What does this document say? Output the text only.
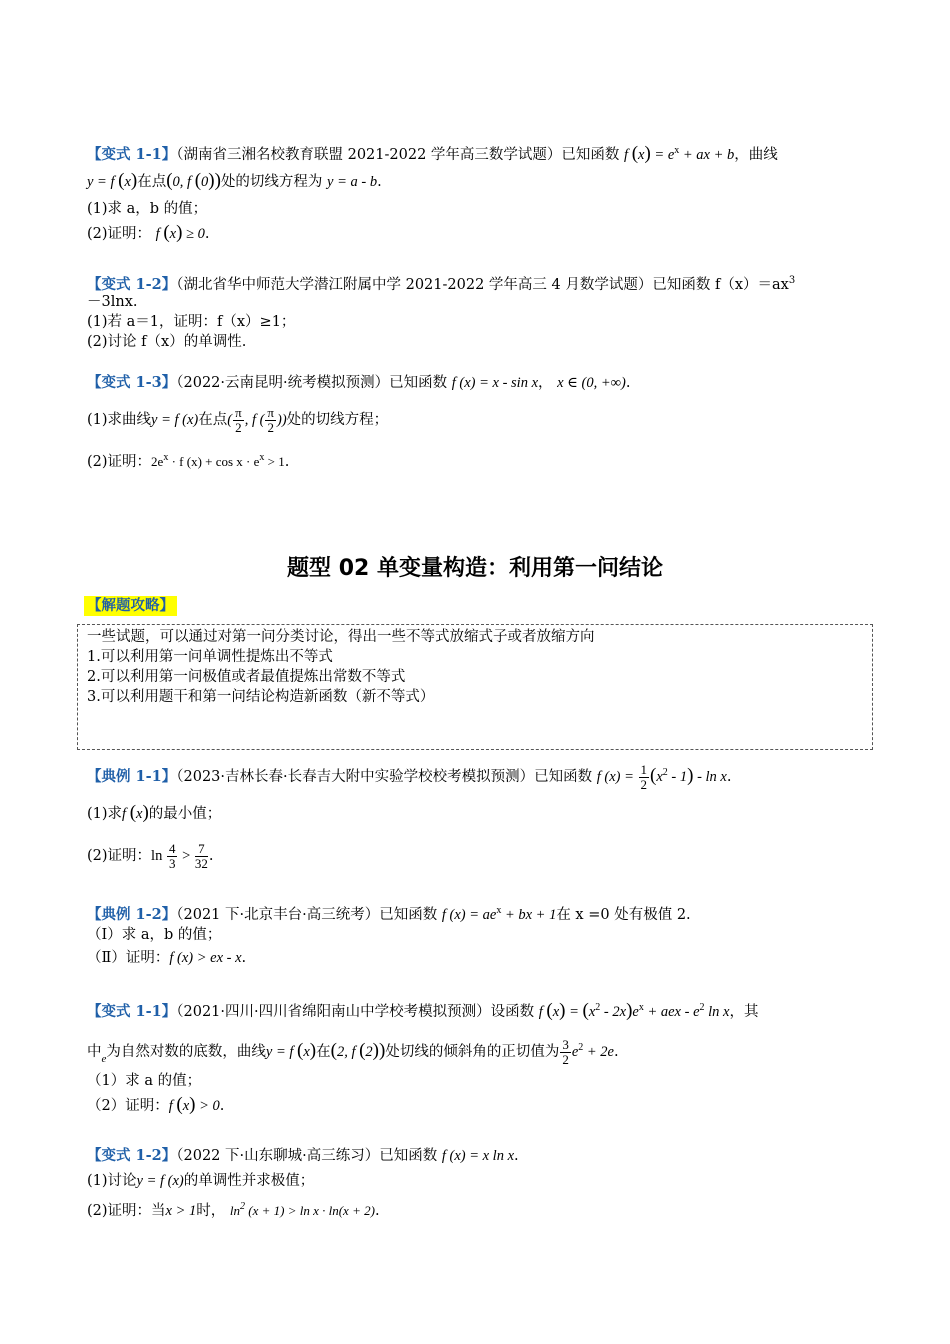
【变式 1-1】（湖南省三湘名校教育联盟 2021-2022 学年高三数学试题）已知函数 f $(x) = e^x$ + ax + b，曲线
y = f (x)在点(0, f (0))处的切线方程为 y = a - b.
(1)求 a，b 的值；
(2)证明： f (x) ≥ 0.
【变式 1-2】（湖北省华中师范大学潜江附属中学 2021-2022 学年高三 4 月数学试题）已知函数 $f(x)=ax^3$
－3lnx.
(1)若 a＝1，证明：f（x）≥1；
(2)讨论 f（x）的单调性.
【变式 1-3】（2022·云南昆明·统考模拟预测）已知函数 f (x) = x - sin x， x ∈ (0, +∞).
(1)求曲线y = f (x)在点( $\frac{\pi}{2}$ , f ( $\frac{\pi}{2}$ ))处的切线方程；
(2)证明：$2e^x \cdot f$ $(x) + \cos x \cdot e^x > 1$.
题型 02 单变量构造：利用第一问结论
【解题攻略】
一些试题，可以通过对第一问分类讨论，得出一些不等式放缩式子或者放缩方向
1.可以利用第一问单调性提炼出不等式
2.可以利用第一问极值或者最值提炼出常数不等式
3.可以利用题干和第一问结论构造新函数（新不等式）
【典例 1-1】（2023·吉林长春·长春吉大附中实验学校校考模拟预测）已知函数 f $(x) = \frac{1}{2} (x^2 - 1) - \ln x$.
(1)求f (x)的最小值；
(2)证明：$\ln \frac{4}{3} > \frac{7}{32}$ .
【典例 1-2】（2021 下·北京丰台·高三统考）已知函数 f $(x) = ae^x$ + bx + 1在 x =0 处有极值 2.
（Ⅰ）求 a，b 的值；
（Ⅱ）证明：f (x) > ex - x.
【变式 1-1】（2021·四川·四川省绵阳南山中学校考模拟预测）设函数 f $(x) = (x^2 - 2x)e^x$ + aex - $e^2$ ln x，其
中$_e$为自然对数的底数，曲线y = f (x)在(2, f (2))处切线的倾斜角的正切值为 $\frac{3}{2} e^2 + 2e$.
（1）求 a 的值；
（2）证明：f (x) > 0.
【变式 1-2】（2022 下·山东聊城·高三练习）已知函数 f (x) = x ln x.
(1)讨论y = f (x)的单调性并求极值；
(2)证明：当x > 1时， $\ln^2 (x + 1) > \ln x \cdot \ln(x + 2)$.
